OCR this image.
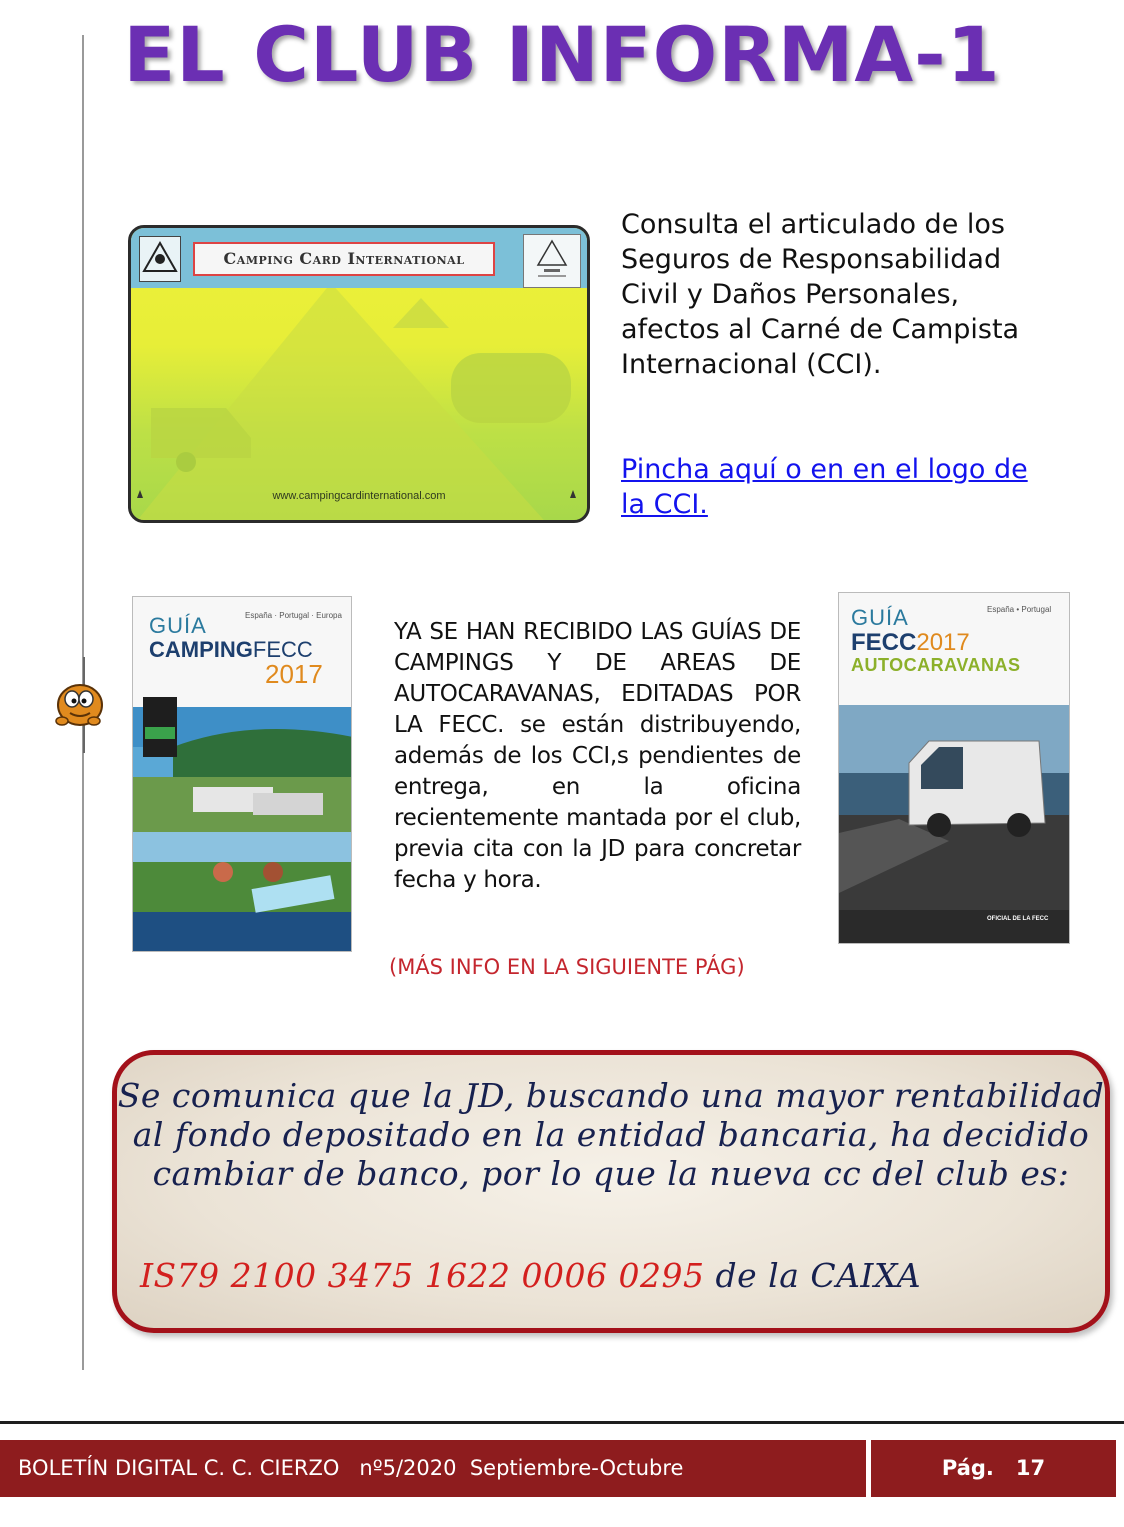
EL CLUB INFORMA-1
Camping Card International
www.campingcardinternational.com
Consulta el articulado de los Seguros de Responsabilidad Civil y Daños Personales, afectos al Carné de Campista Internacional (CCI).
Pincha aquí o en en el logo de la CCI.
España · Portugal · Europa
GUÍA
CAMPINGFECC
2017
YA SE HAN RECIBIDO LAS GUÍAS DE CAMPINGS Y DE AREAS DE AUTOCARAVANAS, EDITADAS POR LA FECC. se están distribuyendo, además de los CCI,s pendientes de entrega, en la oficina recientemente mantada por el club, previa cita con la JD para concretar fecha y hora.
(MÁS INFO EN LA SIGUIENTE PÁG)
España • Portugal
GUÍA
FECC2017
AUTOCARAVANAS
OFICIAL DE LA FECC
Se comunica que la JD, buscando una mayor rentabilidad al fondo depositado en la entidad bancaria, ha decidido cambiar de banco, por lo que la nueva cc del club es:
IS79 2100 3475 1622 0006 0295 de la CAIXA
BOLETÍN DIGITAL C. C. CIERZO   nº5/2020  Septiembre-Octubre	Pág.   17
